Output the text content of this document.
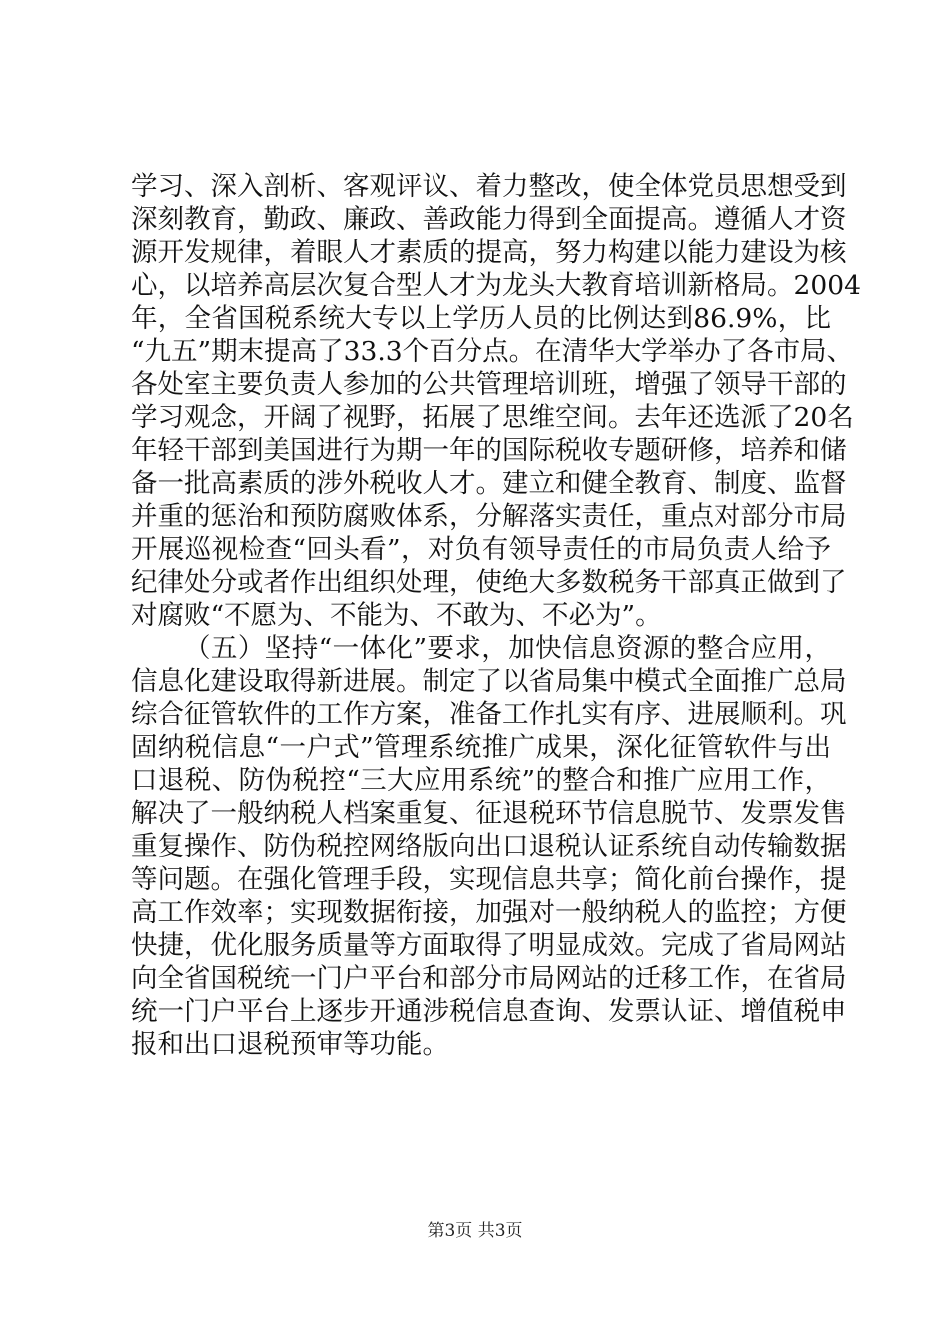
学习、深入剖析、客观评议、着力整改，使全体党员思想受到
深刻教育，勤政、廉政、善政能力得到全面提高。遵循人才资
源开发规律，着眼人才素质的提高，努力构建以能力建设为核
心，以培养高层次复合型人才为龙头大教育培训新格局。2004
年，全省国税系统大专以上学历人员的比例达到86.9%，比
“九五”期末提高了33.3个百分点。在清华大学举办了各市局、
各处室主要负责人参加的公共管理培训班，增强了领导干部的
学习观念，开阔了视野，拓展了思维空间。去年还选派了20名
年轻干部到美国进行为期一年的国际税收专题研修，培养和储
备一批高素质的涉外税收人才。建立和健全教育、制度、监督
并重的惩治和预防腐败体系，分解落实责任，重点对部分市局
开展巡视检查“回头看”，对负有领导责任的市局负责人给予
纪律处分或者作出组织处理，使绝大多数税务干部真正做到了
对腐败“不愿为、不能为、不敢为、不必为”。
（五）坚持“一体化”要求，加快信息资源的整合应用，
信息化建设取得新进展。制定了以省局集中模式全面推广总局
综合征管软件的工作方案，准备工作扎实有序、进展顺利。巩
固纳税信息“一户式”管理系统推广成果，深化征管软件与出
口退税、防伪税控“三大应用系统”的整合和推广应用工作，
解决了一般纳税人档案重复、征退税环节信息脱节、发票发售
重复操作、防伪税控网络版向出口退税认证系统自动传输数据
等问题。在强化管理手段，实现信息共享；简化前台操作，提
高工作效率；实现数据衔接，加强对一般纳税人的监控；方便
快捷，优化服务质量等方面取得了明显成效。完成了省局网站
向全省国税统一门户平台和部分市局网站的迁移工作，在省局
统一门户平台上逐步开通涉税信息查询、发票认证、增值税申
报和出口退税预审等功能。
第3页 共3页
